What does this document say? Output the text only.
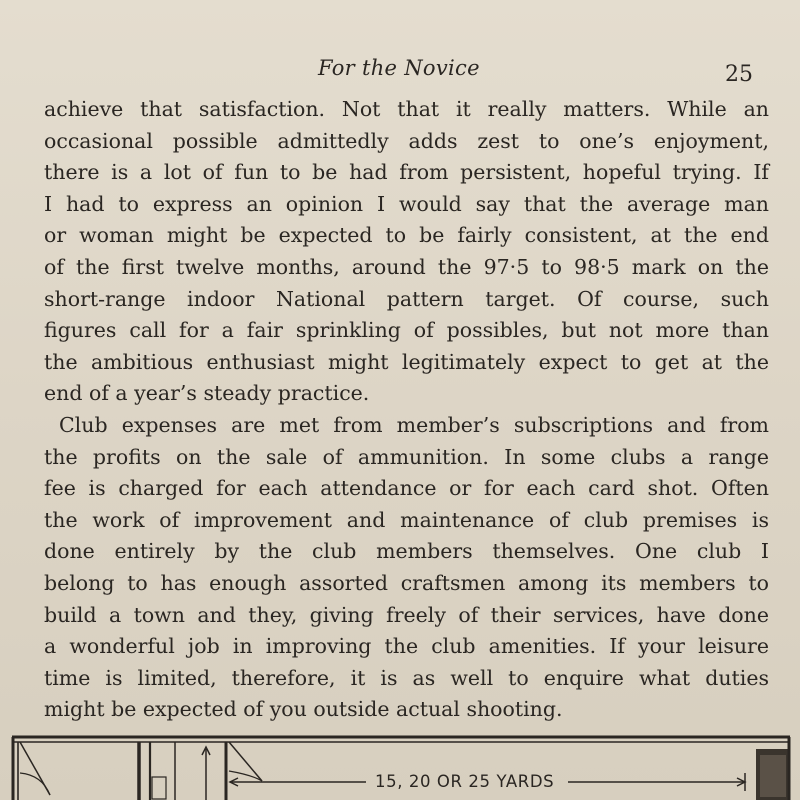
For the Novice	25
achieve that satisfaction. Not that it really matters. While an
occasional possible admittedly adds zest to one’s enjoyment,
there is a lot of fun to be had from persistent, hopeful trying. If
I had to express an opinion I would say that the average man
or woman might be expected to be fairly consistent, at the end
of the first twelve months, around the 97·5 to 98·5 mark on the
short-range indoor National pattern target. Of course, such
figures call for a fair sprinkling of possibles, but not more than
the ambitious enthusiast might legitimately expect to get at the
end of a year’s steady practice.
Club expenses are met from member’s subscriptions and from
the profits on the sale of ammunition. In some clubs a range
fee is charged for each attendance or for each card shot. Often
the work of improvement and maintenance of club premises is
done entirely by the club members themselves. One club I
belong to has enough assorted craftsmen among its members to
build a town and they, giving freely of their services, have done
a wonderful job in improving the club amenities. If your leisure
time is limited, therefore, it is as well to enquire what duties
might be expected of you outside actual shooting.
15, 20 OR 25 YARDS
